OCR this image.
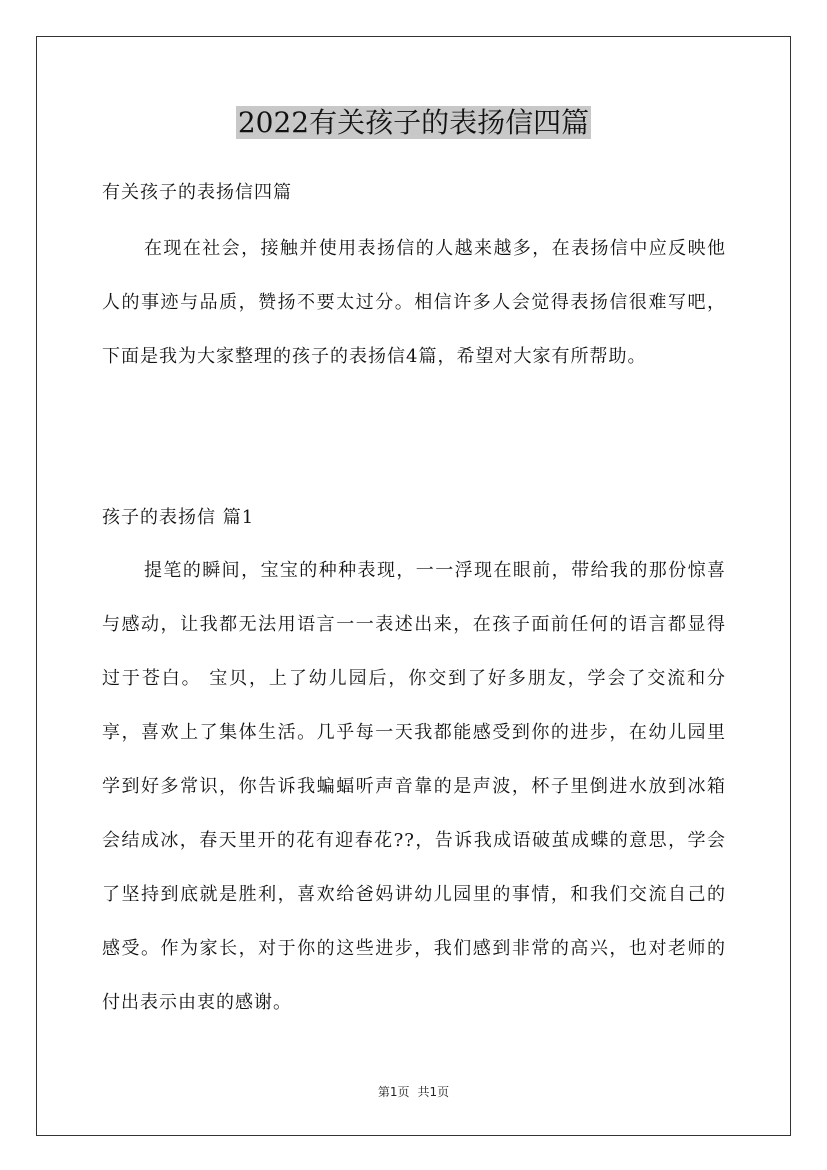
2022有关孩子的表扬信四篇
有关孩子的表扬信四篇
在现在社会，接触并使用表扬信的人越来越多，在表扬信中应反映他人的事迹与品质，赞扬不要太过分。相信许多人会觉得表扬信很难写吧，下面是我为大家整理的孩子的表扬信4篇，希望对大家有所帮助。
孩子的表扬信 篇1
提笔的瞬间，宝宝的种种表现，一一浮现在眼前，带给我的那份惊喜与感动，让我都无法用语言一一表述出来，在孩子面前任何的语言都显得过于苍白。 宝贝，上了幼儿园后，你交到了好多朋友，学会了交流和分享，喜欢上了集体生活。几乎每一天我都能感受到你的进步，在幼儿园里学到好多常识，你告诉我蝙蝠听声音靠的是声波，杯子里倒进水放到冰箱会结成冰，春天里开的花有迎春花??，告诉我成语破茧成蝶的意思，学会了坚持到底就是胜利，喜欢给爸妈讲幼儿园里的事情，和我们交流自己的感受。作为家长，对于你的这些进步，我们感到非常的高兴，也对老师的付出表示由衷的感谢。
第1页 共1页
